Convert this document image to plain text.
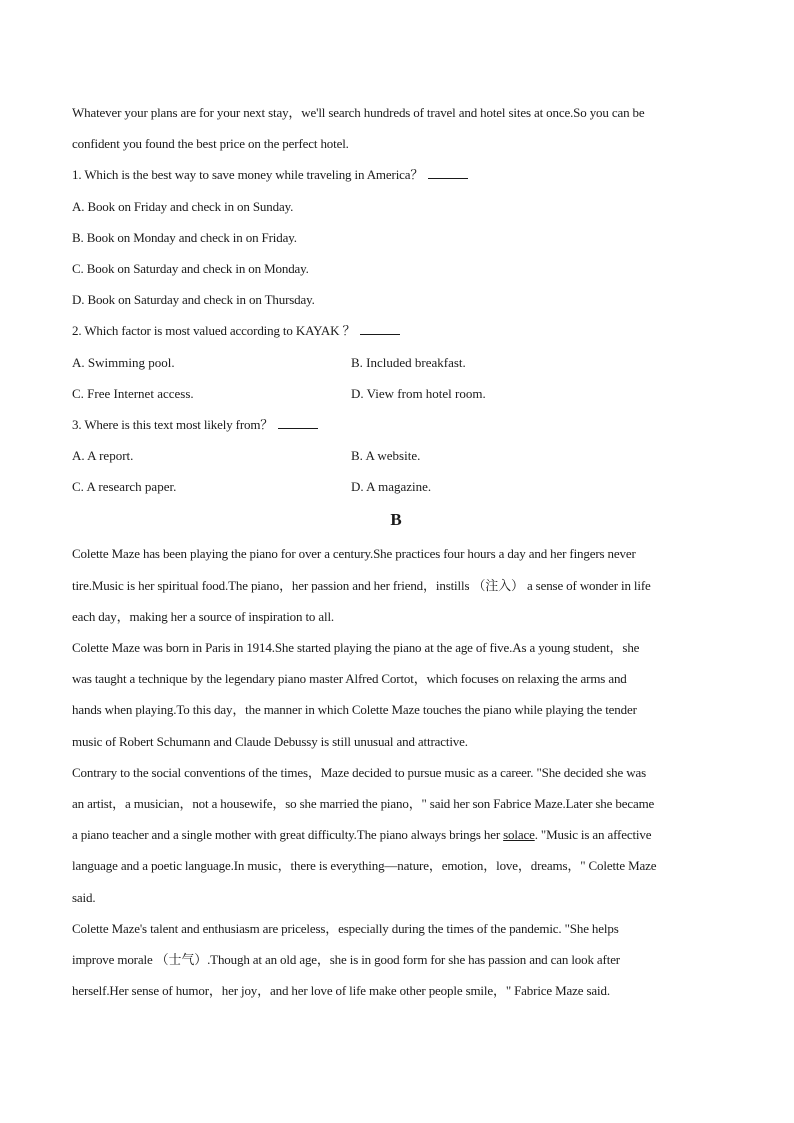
Whatever your plans are for your next stay，we'll search hundreds of travel and hotel sites at once.So you can be
confident you found the best price on the perfect hotel.
1. Which is the best way to save money while traveling in America？
A. Book on Friday and check in on Sunday.
B. Book on Monday and check in on Friday.
C. Book on Saturday and check in on Monday.
D. Book on Saturday and check in on Thursday.
2. Which factor is most valued according to KAYAK ？
A. Swimming pool.	B. Included breakfast.
C. Free Internet access.	D. View from hotel room.
3. Where is this text most likely from？
A. A report.	B. A website.
C. A research paper.	D. A magazine.
B
Colette Maze has been playing the piano for over a century.She practices four hours a day and her fingers never
tire.Music is her spiritual food.The piano，her passion and her friend，instills （注入） a sense of wonder in life
each day，making her a source of inspiration to all.
Colette Maze was born in Paris in 1914.She started playing the piano at the age of five.As a young student，she
was taught a technique by the legendary piano master Alfred Cortot，which focuses on relaxing the arms and
hands when playing.To this day，the manner in which Colette Maze touches the piano while playing the tender
music of Robert Schumann and Claude Debussy is still unusual and attractive.
Contrary to the social conventions of the times，Maze decided to pursue music as a career. "She decided she was
an artist，a musician，not a housewife，so she married the piano，" said her son Fabrice Maze.Later she became
a piano teacher and a single mother with great difficulty.The piano always brings her solace. "Music is an affective
language and a poetic language.In music，there is everything—nature，emotion，love，dreams，" Colette Maze
said.
Colette Maze's talent and enthusiasm are priceless，especially during the times of the pandemic. "She helps
improve morale （士气）.Though at an old age，she is in good form for she has passion and can look after
herself.Her sense of humor，her joy，and her love of life make other people smile，" Fabrice Maze said.
